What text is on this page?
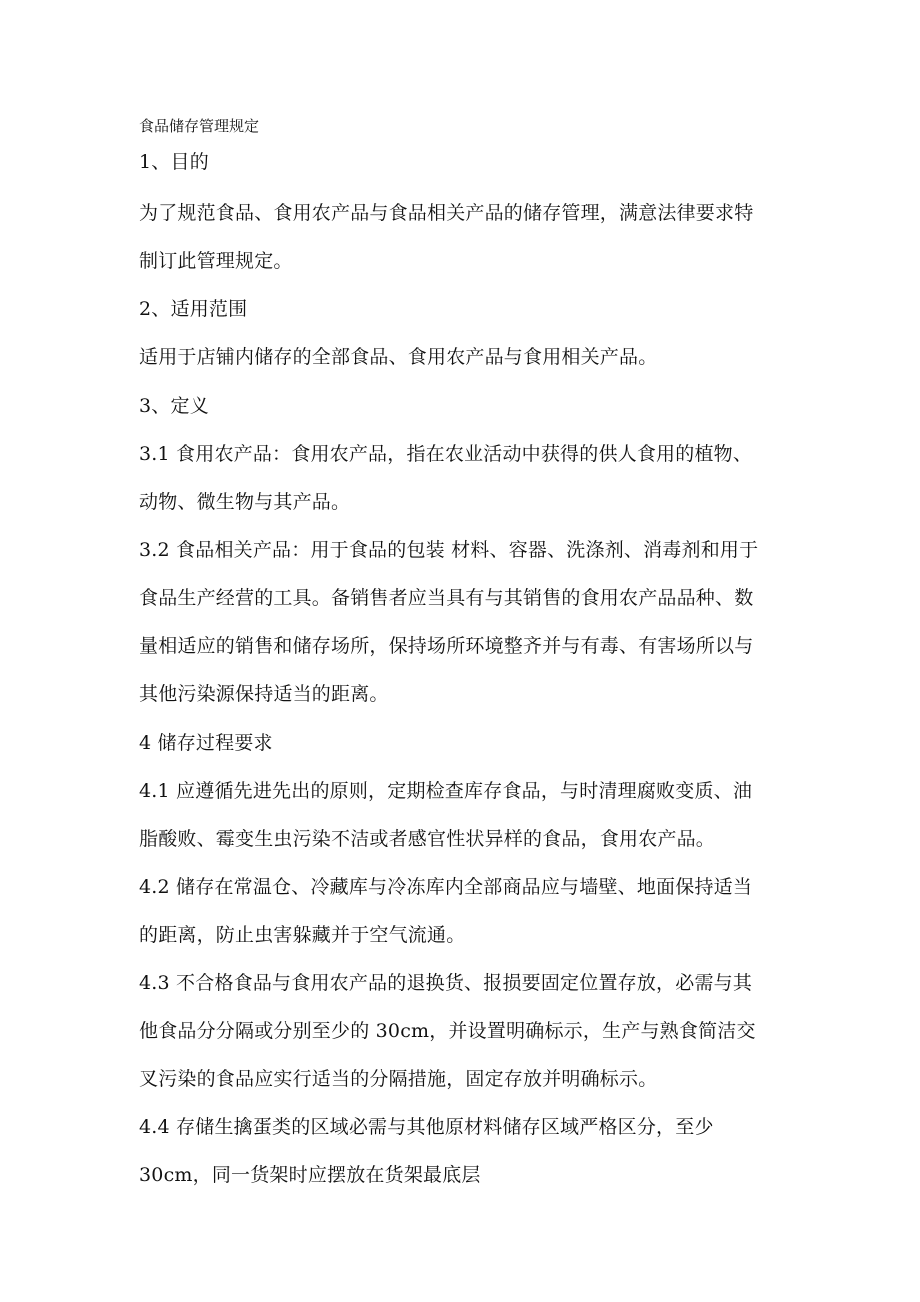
食品储存管理规定

1、目的

为了规范食品、食用农产品与食品相关产品的储存管理，满意法律要求特

制订此管理规定。

2、适用范围

适用于店铺内储存的全部食品、食用农产品与食用相关产品。

3、定义

3.1 食用农产品：食用农产品，指在农业活动中获得的供人食用的植物、

动物、微生物与其产品。

3.2 食品相关产品：用于食品的包装 材料、容器、洗涤剂、消毒剂和用于

食品生产经营的工具。备销售者应当具有与其销售的食用农产品品种、数

量相适应的销售和储存场所，保持场所环境整齐并与有毒、有害场所以与

其他污染源保持适当的距离。

4 储存过程要求

4.1 应遵循先进先出的原则，定期检查库存食品，与时清理腐败变质、油

脂酸败、霉变生虫污染不洁或者感官性状异样的食品，食用农产品。

4.2 储存在常温仓、冷藏库与冷冻库内全部商品应与墙壁、地面保持适当

的距离，防止虫害躲藏并于空气流通。

4.3 不合格食品与食用农产品的退换货、报损要固定位置存放，必需与其

他食品分分隔或分别至少的 30cm，并设置明确标示，生产与熟食简洁交

叉污染的食品应实行适当的分隔措施，固定存放并明确标示。

4.4 存储生擒蛋类的区域必需与其他原材料储存区域严格区分，至少

30cm，同一货架时应摆放在货架最底层
